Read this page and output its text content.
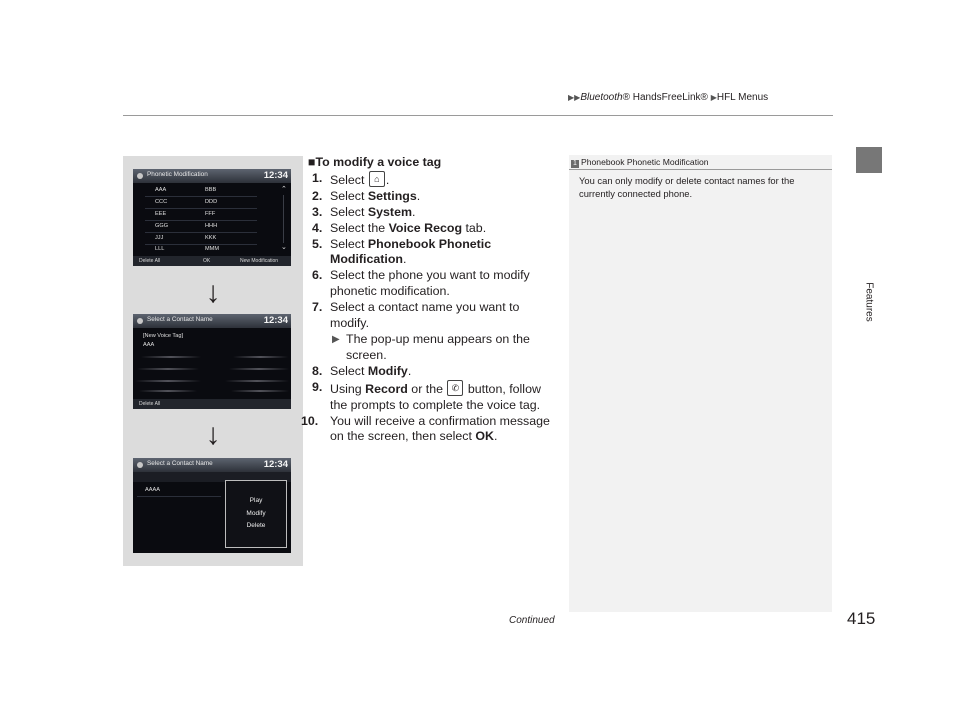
▶▶Bluetooth® HandsFreeLink® ▶HFL Menus
Features
Phonetic Modification	12:34
AAA	BBB
CCC	DDD
EEE	FFF
GGG	HHH
JJJ	KKK
LLL	MMM
⌃
⌄
Delete All	OK	New Modification
↓
Select a Contact Name	12:34
[New Voice Tag]
AAA
Delete All
↓
Select a Contact Name	12:34
AAAA
Play
Modify
Delete
■To modify a voice tag
1. Select	⌂ .
2. Select Settings.
3. Select System.
4. Select the Voice Recog tab.
5. Select Phonebook Phonetic Modification.
6. Select the phone you want to modify phonetic modification.
7. Select a contact name you want to modify.
▶ The pop-up menu appears on the screen.
8. Select Modify.
9. Using Record or the ✆ button, follow the prompts to complete the voice tag.
10. You will receive a confirmation message on the screen, then select OK.
1 Phonebook Phonetic Modification
You can only modify or delete contact names for the currently connected phone.
Continued	415
